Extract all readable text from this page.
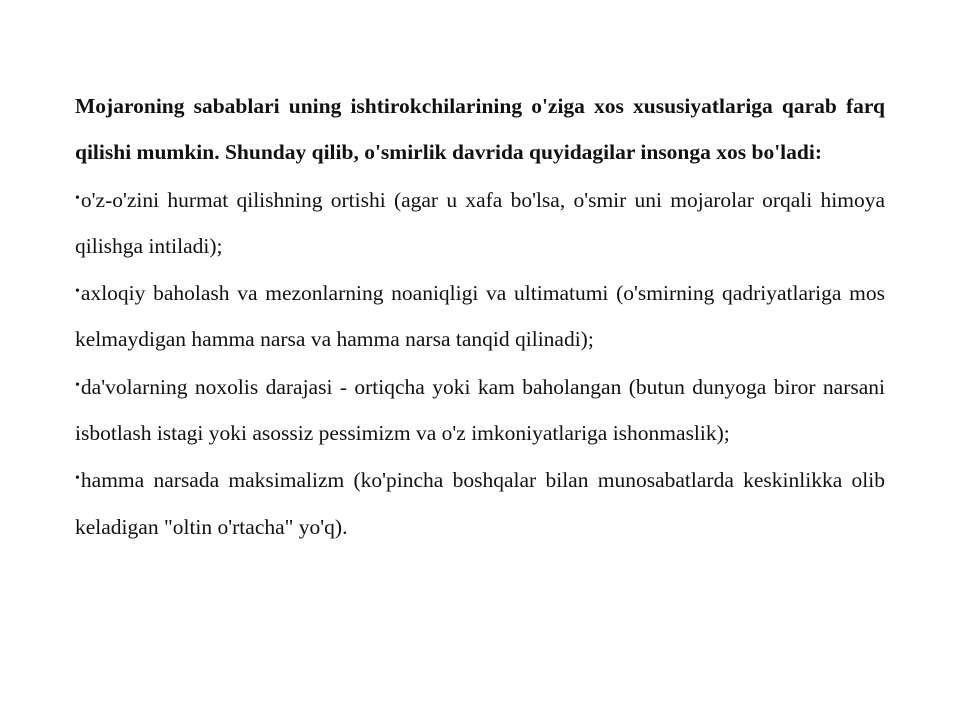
Mojaroning sabablari uning ishtirokchilarining o'ziga xos xususiyatlariga qarab farq qilishi mumkin. Shunday qilib, o'smirlik davrida quyidagilar insonga xos bo'ladi:

•o'z-o'zini hurmat qilishning ortishi (agar u xafa bo'lsa, o'smir uni mojarolar orqali himoya qilishga intiladi);

•axloqiy baholash va mezonlarning noaniqligi va ultimatumi (o'smirning qadriyatlariga mos kelmaydigan hamma narsa va hamma narsa tanqid qilinadi);

•da'volarning noxolis darajasi - ortiqcha yoki kam baholangan (butun dunyoga biror narsani isbotlash istagi yoki asossiz pessimizm va o'z imkoniyatlariga ishonmaslik);

•hamma narsada maksimalizm (ko'pincha boshqalar bilan munosabatlarda keskinlikka olib keladigan "oltin o'rtacha" yo'q).
